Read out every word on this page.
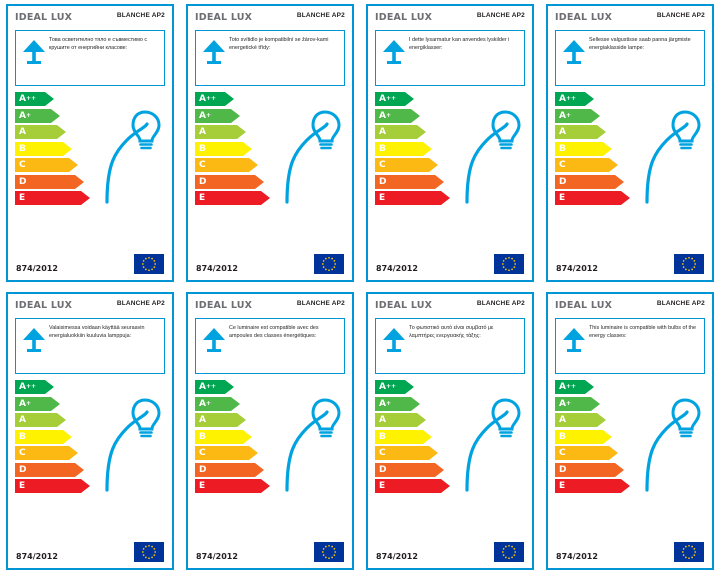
IDEAL LUX	BLANCHE AP2
Това осветително тяло е съвместимо с крушите от енергийни класове:
A ++
A +
A
B
C
D
E
874/2012
IDEAL LUX	BLANCHE AP2
Toto svítidlo je kompatibilní se žárov-kami energetické třídy:
A ++
A +
A
B
C
D
E
874/2012
IDEAL LUX	BLANCHE AP2
I dette lysarmatur kan anvendes lyskilder i energiklasser:
A ++
A +
A
B
C
D
E
874/2012
IDEAL LUX	BLANCHE AP2
Sellesse valgustisse saab panna järgmiste energiaklasside lampe:
A ++
A +
A
B
C
D
E
874/2012
IDEAL LUX	BLANCHE AP2
Valaisimessa voidaan käyttää seuraavin energialuokkiin kuuluvia lamppuja:
A ++
A +
A
B
C
D
E
874/2012
IDEAL LUX	BLANCHE AP2
Ce luminaire est compatible avec des ampoules des classes énergétiques:
A ++
A +
A
B
C
D
E
874/2012
IDEAL LUX	BLANCHE AP2
Το φωτιστικό αυτό είναι συμβατό με λαμπτήρες ενεργειακής τάξης:
A ++
A +
A
B
C
D
E
874/2012
IDEAL LUX	BLANCHE AP2
This luminaire is compatible with bulbs of the energy classes:
A ++
A +
A
B
C
D
E
874/2012
